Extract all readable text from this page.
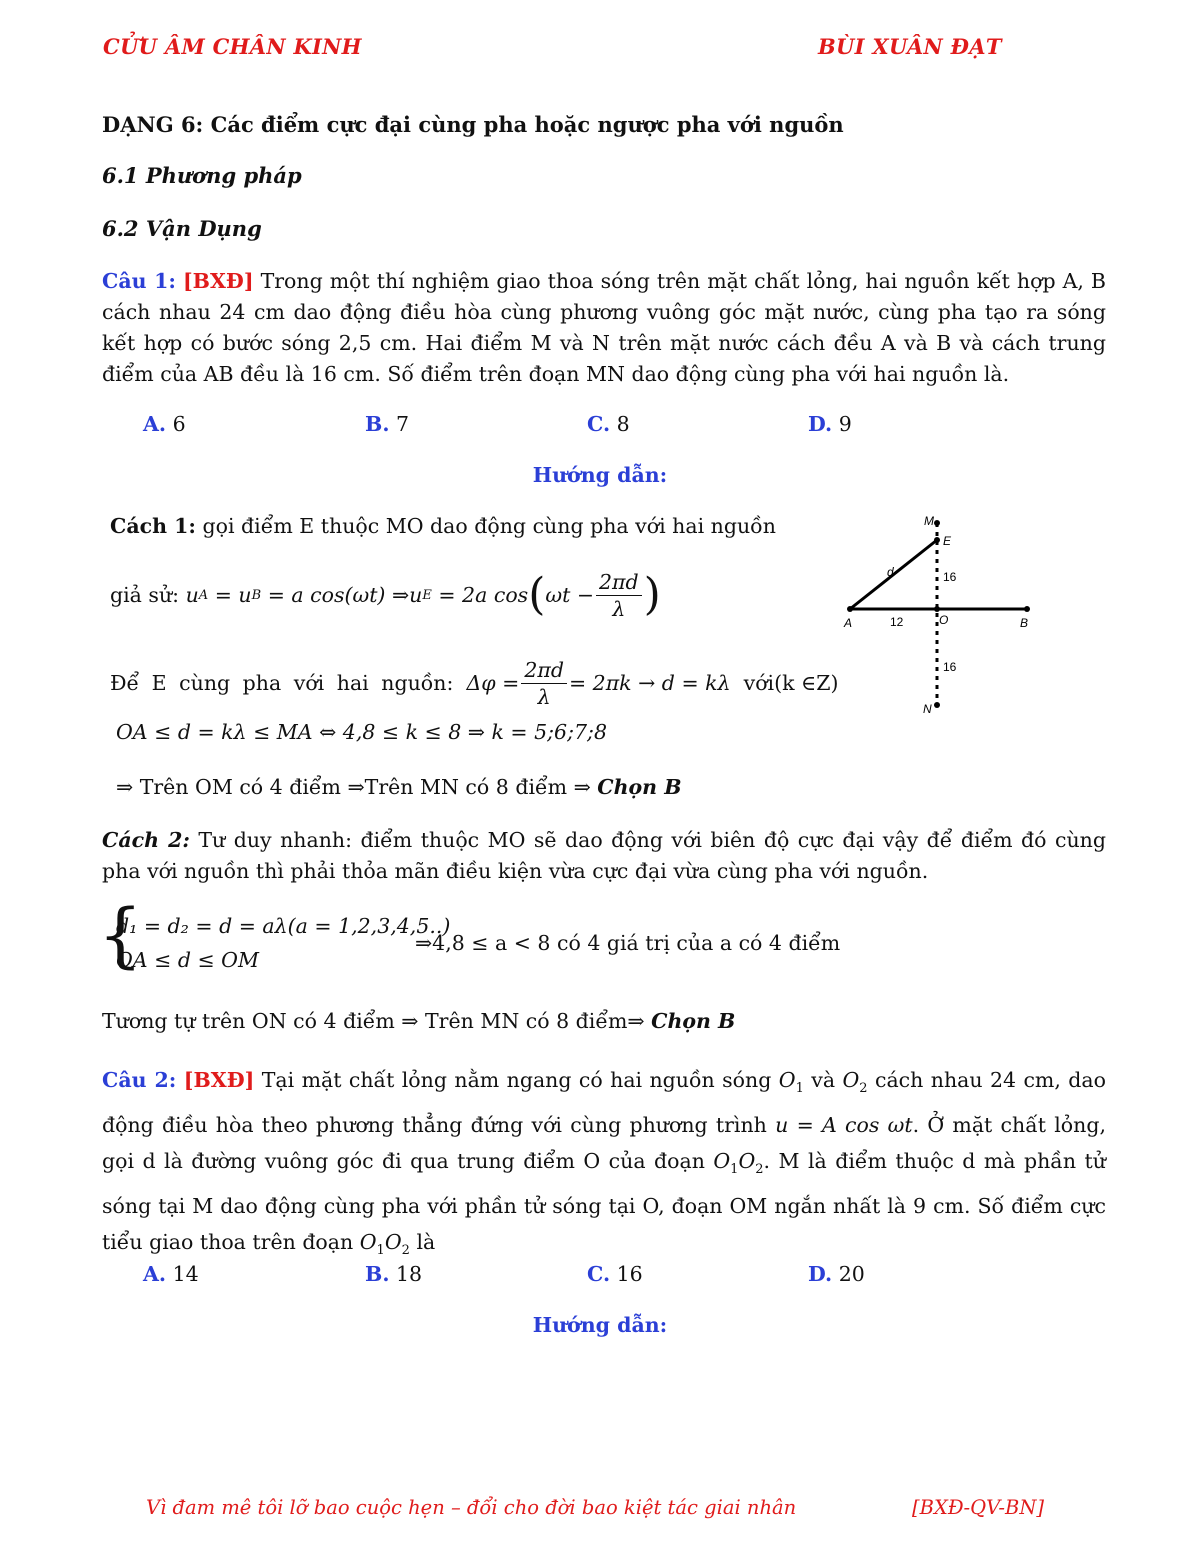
CỬU ÂM CHÂN KINH	BÙI XUÂN ĐẠT
DẠNG 6: Các điểm cực đại cùng pha hoặc ngược pha với nguồn
6.1 Phương pháp
6.2 Vận Dụng
Câu 1: [BXĐ] Trong một thí nghiệm giao thoa sóng trên mặt chất lỏng, hai nguồn kết hợp A, B cách nhau 24 cm dao động điều hòa cùng phương vuông góc mặt nước, cùng pha tạo ra sóng kết hợp có bước sóng 2,5 cm. Hai điểm M và N trên mặt nước cách đều A và B và cách trung điểm của AB đều là 16 cm. Số điểm trên đoạn MN dao động cùng pha với hai nguồn là.
A. 6	B. 7	C. 8	D. 9
Hướng dẫn:
Cách 1: gọi điểm E thuộc MO dao động cùng pha với hai nguồn
giả sử:
u A = u B
= a cos(ωt) ⇒ u E
= 2a cos ( $\omega t - \frac{2\pi d}{\lambda}$ )
Để E cùng pha với hai nguồn:
$\Delta\varphi = \frac{2\pi d}{\lambda} = 2\pi k \to d = k\lambda$
với(k ∈Z)
OA ≤ d = kλ ≤ MA ⇔ 4,8 ≤ k ≤ 8 ⇒ k = 5;6;7;8
⇒ Trên OM có 4 điểm ⇒Trên MN có 8 điểm ⇒ Chọn B
Cách 2: Tư duy nhanh: điểm thuộc MO sẽ dao động với biên độ cực đại vậy để điểm đó cùng pha với nguồn thì phải thỏa mãn điều kiện vừa cực đại vừa cùng pha với nguồn.
{
d₁ = d₂ = d = aλ(a = 1,2,3,4,5..)
OA ≤ d ≤ OM
⇒4,8 ≤ a < 8 có 4 giá trị của a có 4 điểm
Tương tự trên ON có 4 điểm ⇒ Trên MN có 8 điểm⇒ Chọn B
M
E
d	16
A	12	O	B
16
N
Câu 2: [BXĐ] Tại mặt chất lỏng nằm ngang có hai nguồn sóng $O_1$ và $O_2$ cách nhau 24 cm, dao động điều hòa theo phương thẳng đứng với cùng phương trình u = A cos ωt. Ở mặt chất lỏng, gọi d là đường vuông góc đi qua trung điểm O của đoạn $O_1O_2$. M là điểm thuộc d mà phần tử sóng tại M dao động cùng pha với phần tử sóng tại O, đoạn OM ngắn nhất là 9 cm. Số điểm cực tiểu giao thoa trên đoạn $O_1O_2$ là
A. 14	B. 18	C. 16	D. 20
Hướng dẫn:
Vì đam mê tôi lỡ bao cuộc hẹn – đổi cho đời bao kiệt tác giai nhân	[BXĐ-QV-BN]
